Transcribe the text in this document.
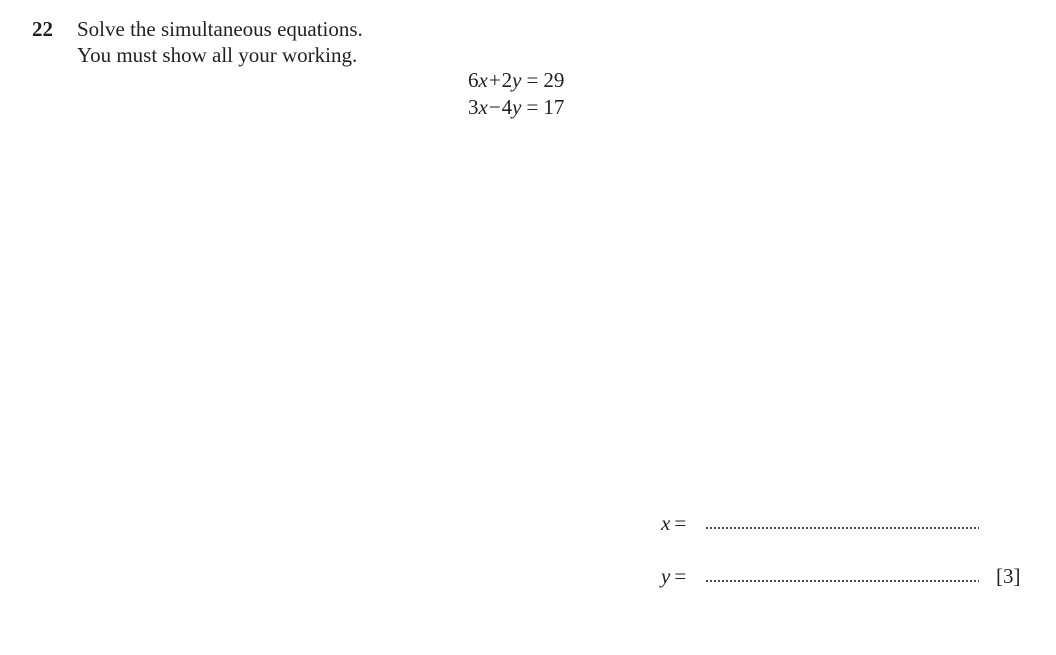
22 Solve the simultaneous equations.
You must show all your working.
6x+2y = 29
3x−4y = 17
x =
y =	[3]
